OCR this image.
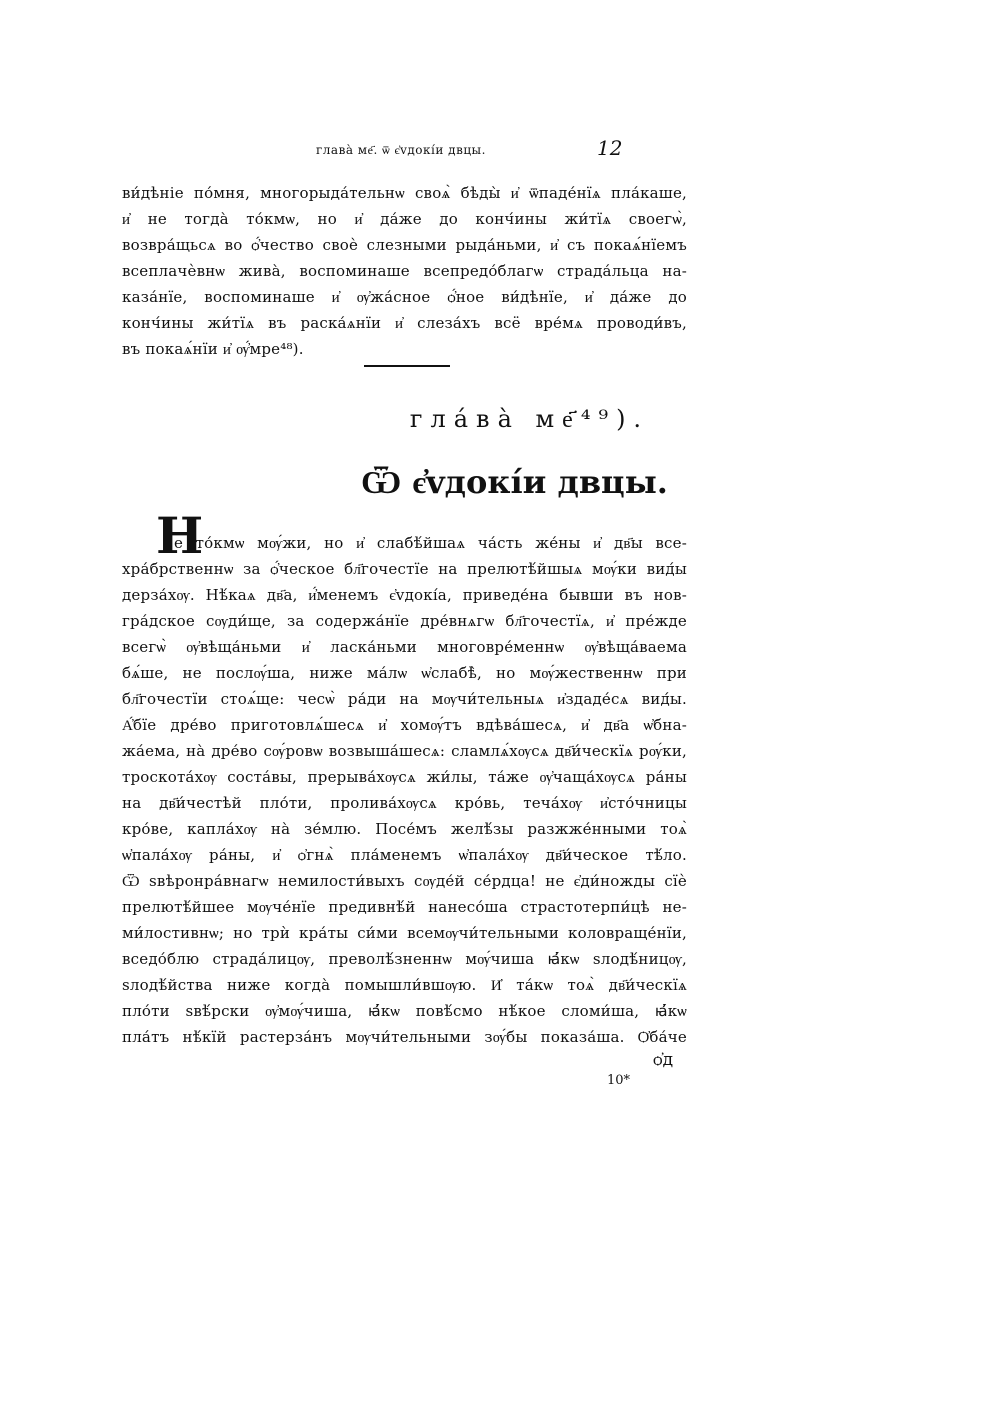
глава̀ ме҃. ѿ є҆vдокі́и двцы.	12
ви́дѣніе по́мня, многорыда́тельнѡ своѧ̀ бѣды̀ и҆ ѿпаде́нїѧ пла́каше,
и҆ не тогда̀ то́кмѡ, но и҆ да́же до конч́ины жи́тїѧ своегѡ̀,
возвра́щьсѧ во ѻ҆́чество своѐ слезными рыда́ньми, и҆ съ покаѧ́нїемъ
всеплачѐвнѡ жива̀, воспоминаше всепредо́благѡ страда́льца на-
каза́нїе, воспоминаше и҆ ѹ҆жа́сное ѻ҆́ное ви́дѣнїе, и҆ да́же до
конч́ины жи́тїѧ въ раска́ѧнїи и҆ слеза́хъ всё вре́мѧ проводи́въ,
въ покаѧ́нїи и҆ ѹ҆́мре⁴⁸).
гла́ва̀ ме҃⁴⁹).
Ѿ є҆vдокі́и двцы.
Н
е то́кмѡ мѹ́жи, но и҆ слабѣ́йшаѧ ча́сть же́ны и҆ дв҃ы все-
хра́брственнѡ за ѻ҆́ческое бл҃гочестїе на прелютѣ́йшыѧ мѹ́ки вид́ы
дерза́хѹ. Нѣ́каѧ дв҃а, и҆́менемъ є҆vдокі́а, приведе́на бывши въ нов-
гра́дское сѹди́ще, за содержа́нїе дре́внѧгѡ бл҃гочестїѧ, и҆ пре́жде
всегѡ̀ ѹ҆вѣща́ньми и҆ ласка́ньми многовре́меннѡ ѹ҆вѣща́ваема
бѧ́ше, не послѹ́ша, ниже ма́лѡ ѡ҆слабѣ̀, но мѹ́жественнѡ при
бл҃гочестїи стоѧ́ще: чесѡ̀ ра́ди на мѹчи́тельныѧ и҆здаде́сѧ вид́ы.
А҆́бїе дре́во приготовлѧ́шесѧ и҆ хомѹ́тъ вдѣва́шесѧ, и҆ дв҃а ѡ҆бна-
жа́ема, на̀ дре́во сѹ́ровѡ возвыша́шесѧ: сламлѧ́хѹсѧ дв҃и́ческїѧ рѹ́ки,
троскота́хѹ соста́вы, прерыва́хѹсѧ жи́лы, та́же ѹ҆чаща́хѹсѧ ра́ны
на дв҃и́честѣй пло́ти, пролива́хѹсѧ кро́вь, теча́хѹ и҆сто́чницы
кро́ве, капла́хѹ на̀ зе́млю. Посе́мъ желѣ́зы разжже́нными тоѧ̀
ѡ҆пала́хѹ ра́ны, и҆ ѻ҆гнѧ̀ пла́менемъ ѡ҆пала́хѹ дв҃и́ческое тѣ́ло.
Ѿ ѕвѣронра́внагѡ немилости́выхъ сѹде́й се́рдца! не є҆ди́ножды сїѐ
прелютѣ́йшее мѹче́нїе предивнѣ́й нанесо́ша страстотерпи́цѣ не-
ми́лостивнѡ; но трѝ кра́ты си́ми всемѹчи́тельными коловраще́нїи,
вседо́блю страда́лицѹ, преволѣ́зненнѡ мѹ́чиша ꙗ҆́кѡ ѕлодѣ́ницѹ,
ѕлодѣ́йства ниже когда̀ помышли́вшѹю. И҆ та́кѡ тоѧ̀ дв҃и́ческїѧ
пло́ти ѕвѣ́рски ѹ҆мѹ́чиша, ꙗ҆́кѡ повѣ́смо нѣ́кое сломи́ша, ꙗ҆́кѡ
пла́тъ нѣ́кїй растерза́нъ мѹчи́тельными зѹ́бы показа́ша. Ѻ҆ба́че
ѻ҆д
10*
